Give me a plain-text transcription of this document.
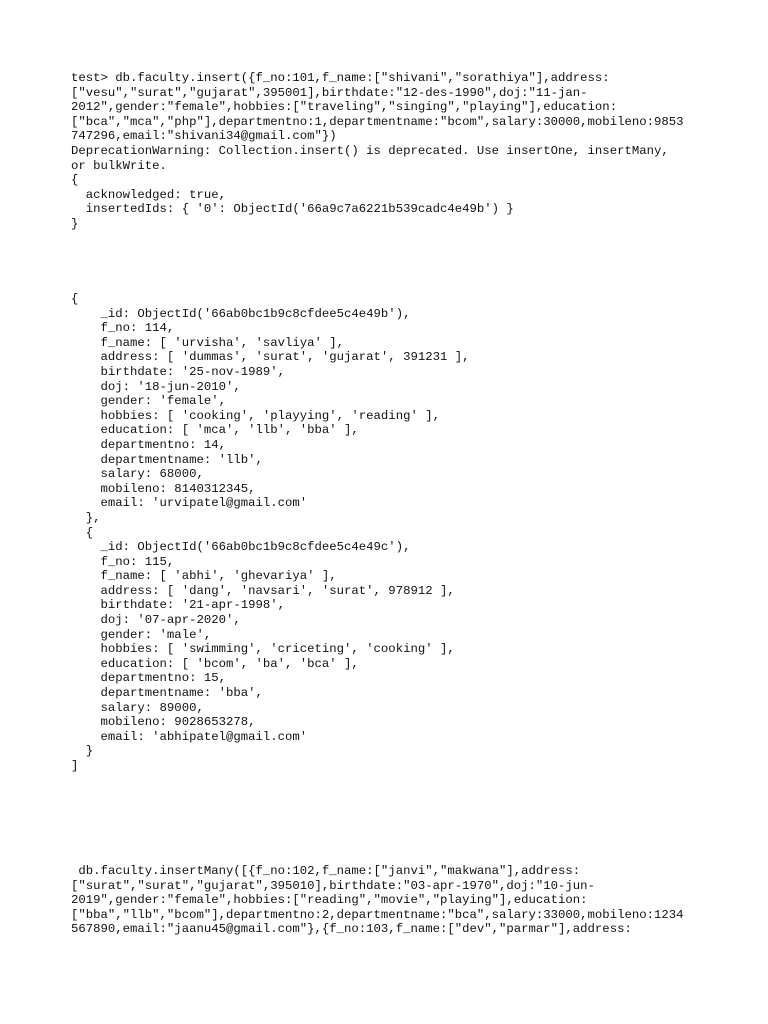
test> db.faculty.insert({f_no:101,f_name:["shivani","sorathiya"],address:
["vesu","surat","gujarat",395001],birthdate:"12-des-1990",doj:"11-jan-
2012",gender:"female",hobbies:["traveling","singing","playing"],education:
["bca","mca","php"],departmentno:1,departmentname:"bcom",salary:30000,mobileno:9853
747296,email:"shivani34@gmail.com"})
DeprecationWarning: Collection.insert() is deprecated. Use insertOne, insertMany,
or bulkWrite.
{
acknowledged: true,
insertedIds: { '0': ObjectId('66a9c7a6221b539cadc4e49b') }
}
{
_id: ObjectId('66ab0bc1b9c8cfdee5c4e49b'),
f_no: 114,
f_name: [ 'urvisha', 'savliya' ],
address: [ 'dummas', 'surat', 'gujarat', 391231 ],
birthdate: '25-nov-1989',
doj: '18-jun-2010',
gender: 'female',
hobbies: [ 'cooking', 'playying', 'reading' ],
education: [ 'mca', 'llb', 'bba' ],
departmentno: 14,
departmentname: 'llb',
salary: 68000,
mobileno: 8140312345,
email: 'urvipatel@gmail.com'
},
{
_id: ObjectId('66ab0bc1b9c8cfdee5c4e49c'),
f_no: 115,
f_name: [ 'abhi', 'ghevariya' ],
address: [ 'dang', 'navsari', 'surat', 978912 ],
birthdate: '21-apr-1998',
doj: '07-apr-2020',
gender: 'male',
hobbies: [ 'swimming', 'criceting', 'cooking' ],
education: [ 'bcom', 'ba', 'bca' ],
departmentno: 15,
departmentname: 'bba',
salary: 89000,
mobileno: 9028653278,
email: 'abhipatel@gmail.com'
}
]
db.faculty.insertMany([{f_no:102,f_name:["janvi","makwana"],address:
["surat","surat","gujarat",395010],birthdate:"03-apr-1970",doj:"10-jun-
2019",gender:"female",hobbies:["reading","movie","playing"],education:
["bba","llb","bcom"],departmentno:2,departmentname:"bca",salary:33000,mobileno:1234
567890,email:"jaanu45@gmail.com"},{f_no:103,f_name:["dev","parmar"],address:
